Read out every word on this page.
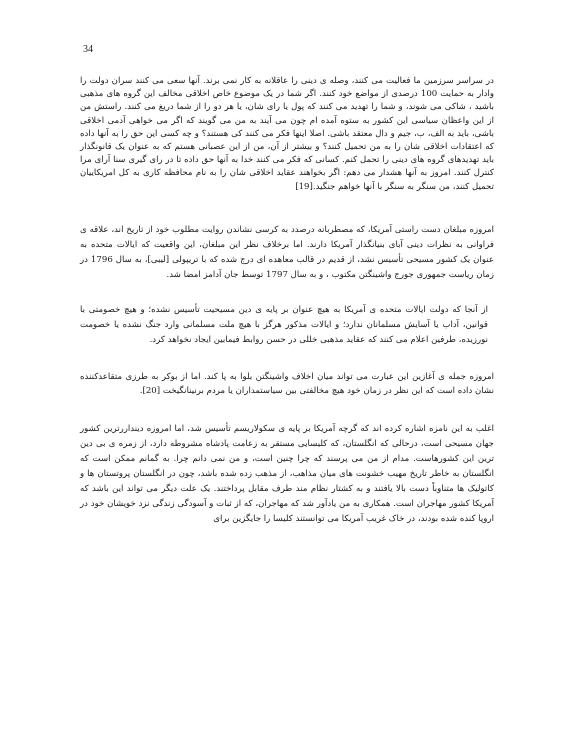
34

در سراسر سرزمین ما فعالیت می کنند، وصله ی دینی را عاقلانه به کار نمی برند. آنها سعی می کنند سران دولت را وادار به حمایت 100 درصدی از مواضع خود کنند. اگر شما در یک موضوع خاص اخلاقی مخالف این گروه های مذهبی باشید ، شاکی می شوند، و شما را تهدید می کنند که پول یا رای شان، یا هر دو را از شما دریغ می کنند. راستش من از این واعظان سیاسی این کشور به ستوه آمده ام چون می آیند به من می گویند که اگر می خواهی آدمی اخلاقی باشی، باید به الف، ب، جیم و دال معتقد باشی. اصلا اینها فکر می کنند کی هستند؟ و چه کسی این حق را به آنها داده که اعتقادات اخلاقی شان را به من تحمیل کنند؟ و بیشتر از آن، من از این عصبانی هستم که به عنوان یک قانونگذار باید تهدیدهای گروه های دینی را تحمل کنم. کسانی که فکر می کنند خدا به آنها حق داده تا در رای گیری سنا آرای مرا کنترل کنند. امروز به آنها هشدار می دهم: اگر بخواهند عقاید اخلاقی شان را به نام محافظه کاری به کل امریکاییان تحمیل کنند، من سنگر به سنگر با آنها خواهم جنگید.[19]

امروزه مبلغان دست راستی آمریکا، که مصطربانه درصدد به کرسی نشاندن روایت مطلوب خود از تاریخ اند، علاقه ی فراوانی به نظرات دینی آبای بنیانگذار آمریکا دارند. اما برخلاف نظر این مبلغان، این واقعیت که ایالات متحده به عنوان یک کشور مسیحی تأسیس نشد، از قدیم در قالب معاهده ای درج شده که با تریپولی [لیبی]، به سال 1796 در زمان ریاست جمهوری جورج واشینگتن مکتوب ، و به سال 1797 توسط جان آدامز امضا شد.

از آنجا که دولت ایالات متحده ی آمریکا به هیچ عنوان بر پایه ی دین مسیحیت تأسیس نشده؛ و هیچ خصومتی با قوانین، آداب یا آسایش مسلمانان ندارد؛ و ایالات مذکور هرگز با هیچ ملت مسلمانی وارد جنگ نشده یا خصومت نورزیده، طرفین اعلام می کنند که عقاید مذهبی خللی در حسن روابط فیمابین ایجاد نخواهد کرد.

امروزه جمله ی آغازین این عبارت می تواند میان اخلاف واشینگتن بلوا به پا کند. اما از بوکر به طرزی متقاعدکننده نشان داده است که این نظر در زمان خود هیچ مخالفتی بین سیاستمداران یا مردم برنینانگیخت [20].

اغلب به این نامزه اشاره کرده اند که گرچه آمریکا بر پایه ی سکولاریسم تأسیس شد، اما امروزه دینداررترین کشور جهان مسیحی است، درحالی که انگلستان، که کلیسایی مستقر به زعامت پادشاه مشروطه دارد، از زمره ی بی دین ترین این کشورهاست. مدام از من می پرسند که چرا چنین است، و من نمی دانم چرا. به گمانم ممکن است که انگلستان به خاطر تاریخ مهیب خشونت های میان مذاهب، از مذهب زده شده باشد، چون در انگلستان پروتستان ها و کاتولیک ها متناوباً دست بالا یافتند و به کشتار نظام مند طرف مقابل پرداختند. یک علت دیگر می تواند این باشد که آمریکا کشور مهاجران است. همکاری به من یادآور شد که مهاجران، که از ثبات و آسودگی زندگی نزد خویشان خود در اروپا کنده شده بودند، در خاک غریب آمریکا می توانستند کلیسا را جایگزین برای
